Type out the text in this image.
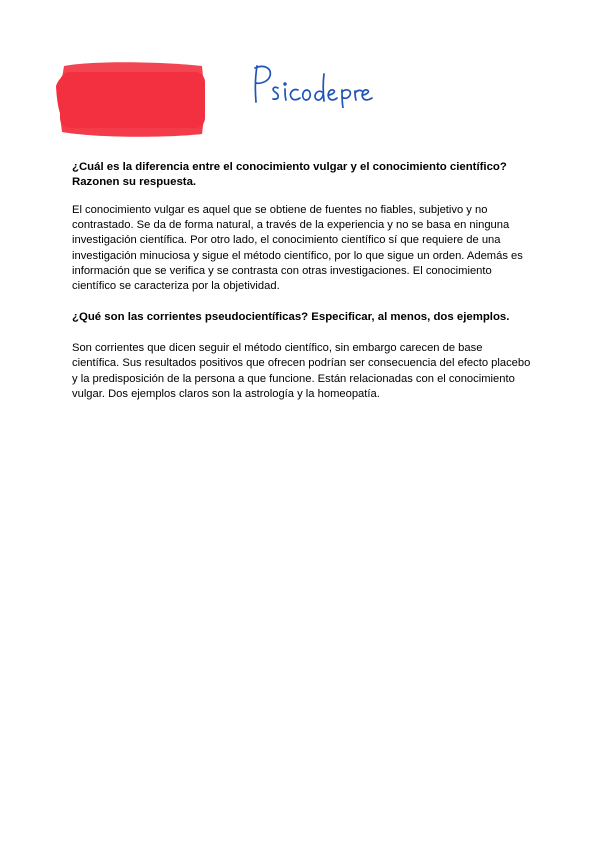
¿Cuál es la diferencia entre el conocimiento vulgar y el conocimiento científico? Razonen su respuesta.

El conocimiento vulgar es aquel que se obtiene de fuentes no fiables, subjetivo y no contrastado. Se da de forma natural, a través de la experiencia y no se basa en ninguna investigación científica. Por otro lado, el conocimiento científico sí que requiere de una investigación minuciosa y sigue el método científico, por lo que sigue un orden. Además es información que se verifica y se contrasta con otras investigaciones. El conocimiento científico se caracteriza por la objetividad.

¿Qué son las corrientes pseudocientíficas? Especificar, al menos, dos ejemplos.

Son corrientes que dicen seguir el método científico, sin embargo carecen de base científica. Sus resultados positivos que ofrecen podrían ser consecuencia del efecto placebo y la predisposición de la persona a que funcione. Están relacionadas con el conocimiento vulgar. Dos ejemplos claros son la astrología y la homeopatía.
